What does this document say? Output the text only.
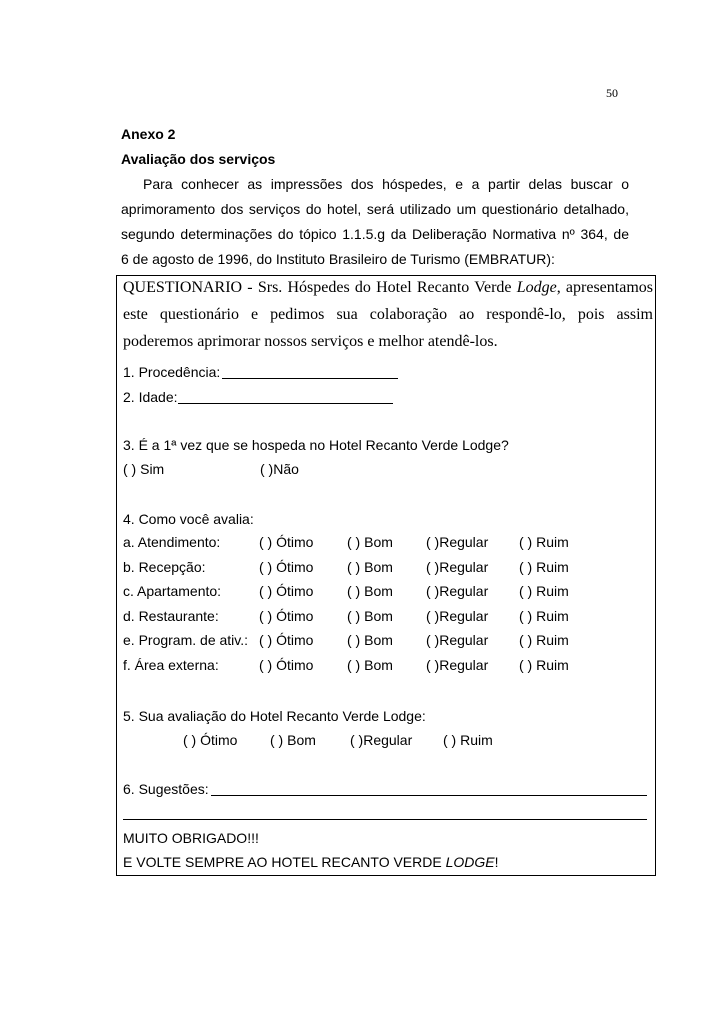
50
Anexo 2
Avaliação dos serviços
Para conhecer as impressões dos hóspedes, e a partir delas buscar o
aprimoramento dos serviços do hotel, será utilizado um questionário detalhado,
segundo determinações do tópico 1.1.5.g da Deliberação Normativa nº 364, de
6 de agosto de 1996, do Instituto Brasileiro de Turismo (EMBRATUR):
QUESTIONARIO - Srs. Hóspedes do Hotel Recanto Verde Lodge, apresentamos
este questionário e pedimos sua colaboração ao respondê-lo, pois assim
poderemos aprimorar nossos serviços e melhor atendê-los.
1. Procedência:
2. Idade:
3. É a 1ª vez que se hospeda no Hotel Recanto Verde Lodge?
( ) Sim	( )Não
4. Como você avalia:
a. Atendimento:	( ) Ótimo ( ) Bom ( )Regular ( ) Ruim
b. Recepção:	( ) Ótimo ( ) Bom ( )Regular ( ) Ruim
c. Apartamento:	( ) Ótimo ( ) Bom ( )Regular ( ) Ruim
d. Restaurante:	( ) Ótimo ( ) Bom ( )Regular ( ) Ruim
e. Program. de ativ.: ( ) Ótimo ( ) Bom ( )Regular ( ) Ruim
f. Área externa:	( ) Ótimo ( ) Bom ( )Regular ( ) Ruim
5. Sua avaliação do Hotel Recanto Verde Lodge:
( ) Ótimo ( ) Bom ( )Regular ( ) Ruim
6. Sugestões:
MUITO OBRIGADO!!!
E VOLTE SEMPRE AO HOTEL RECANTO VERDE LODGE!
